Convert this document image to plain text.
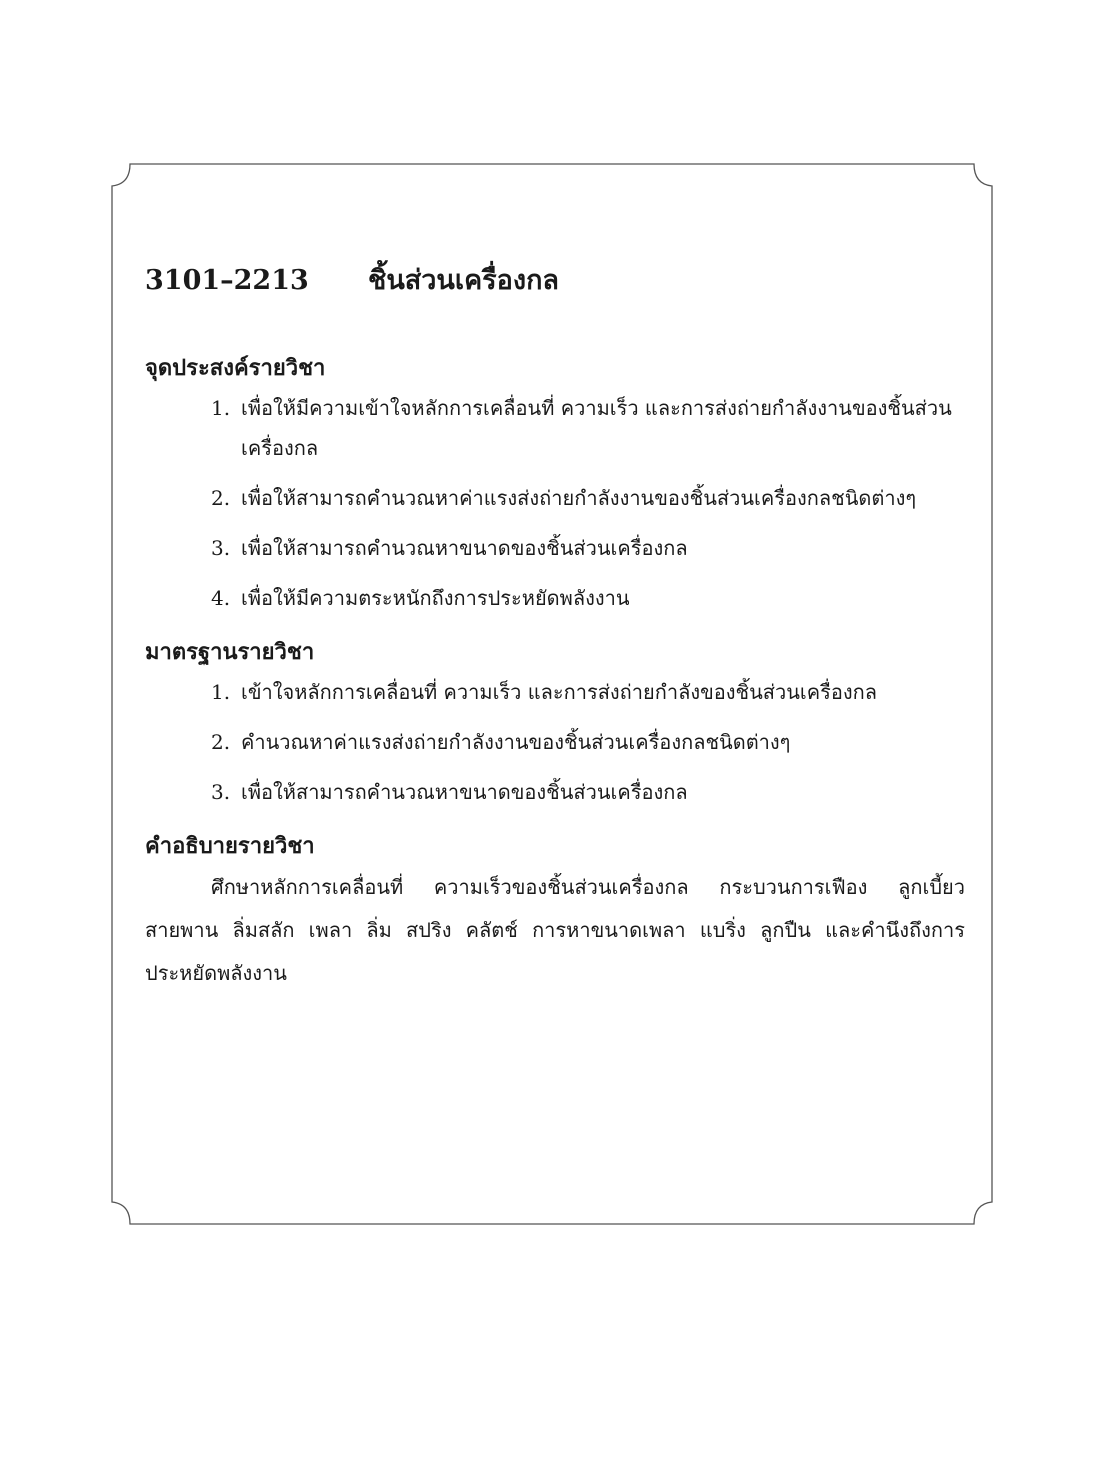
3101–2213	ชิ้นส่วนเครื่องกล
จุดประสงค์รายวิชา
1. เพื่อให้มีความเข้าใจหลักการเคลื่อนที่ ความเร็ว และการส่งถ่ายกำลังงานของชิ้นส่วนเครื่องกล
2. เพื่อให้สามารถคำนวณหาค่าแรงส่งถ่ายกำลังงานของชิ้นส่วนเครื่องกลชนิดต่างๆ
3. เพื่อให้สามารถคำนวณหาขนาดของชิ้นส่วนเครื่องกล
4. เพื่อให้มีความตระหนักถึงการประหยัดพลังงาน
มาตรฐานรายวิชา
1. เข้าใจหลักการเคลื่อนที่ ความเร็ว และการส่งถ่ายกำลังของชิ้นส่วนเครื่องกล
2. คำนวณหาค่าแรงส่งถ่ายกำลังงานของชิ้นส่วนเครื่องกลชนิดต่างๆ
3. เพื่อให้สามารถคำนวณหาขนาดของชิ้นส่วนเครื่องกล
คำอธิบายรายวิชา

ศึกษาหลักการเคลื่อนที่ ความเร็วของชิ้นส่วนเครื่องกล กระบวนการเฟือง ลูกเบี้ยว สายพาน ลิ่มสลัก เพลา ลิ่ม สปริง คลัตช์ การหาขนาดเพลา แบริ่ง ลูกปืน และคำนึงถึงการประหยัดพลังงาน
